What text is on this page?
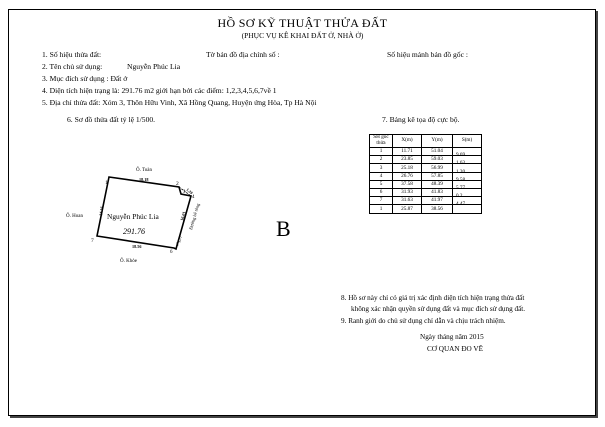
HỒ SƠ KỸ THUẬT THỬA ĐẤT
(PHỤC VỤ KÊ KHAI ĐẤT Ở, NHÀ Ở)
1. Số hiệu thửa đất:	Tờ bản đồ địa chính số :	Số hiệu mảnh bản đồ gốc :
2. Tên chủ sử dụng:	Nguyễn Phúc Lia
3. Mục đích sử dụng : Đất ở
4. Diện tích hiện trạng là: 291.76 m2 giới hạn bởi các điểm: 1,2,3,4,5,6,7về 1
5. Địa chỉ thửa đất: Xóm 3, Thôn Hữu Vinh, Xã Hồng Quang, Huyện ứng Hòa, Tp Hà Nội
6. Sơ đồ thửa đất tỷ lệ 1/500.	7. Bảng kê tọa độ cực bộ.
Ô. Toàn
Ô. Hoan
Ô. Khỏe
Đường bê tông
Nguyễn Phúc Lia
291.76
1	2
3
4
5
6
7
18.18
18.56
14.16	16.01
5.77
1.20
B
SH góc thửa	X(m)	Y(m)	S(m)
1	11.71	51.04	9.69

2	23.85	59.03	1.63

3	25.18	56.99	1.20

4	26.76	57.85	9.58

5	37.58	48.39	5.77

6	31.93	41.83	0.2

7	31.63	41.97	4.47

1	25.87	38.56	
8. Hồ sơ này chỉ có giá trị xác định diện tích hiện trạng thửa đất
không xác nhận quyền sử dụng đất và mục đích sử dụng đất.
9. Ranh giới do chủ sử dụng chỉ dẫn và chịu trách nhiệm.
Ngày tháng năm 2015
CƠ QUAN ĐO VẼ
